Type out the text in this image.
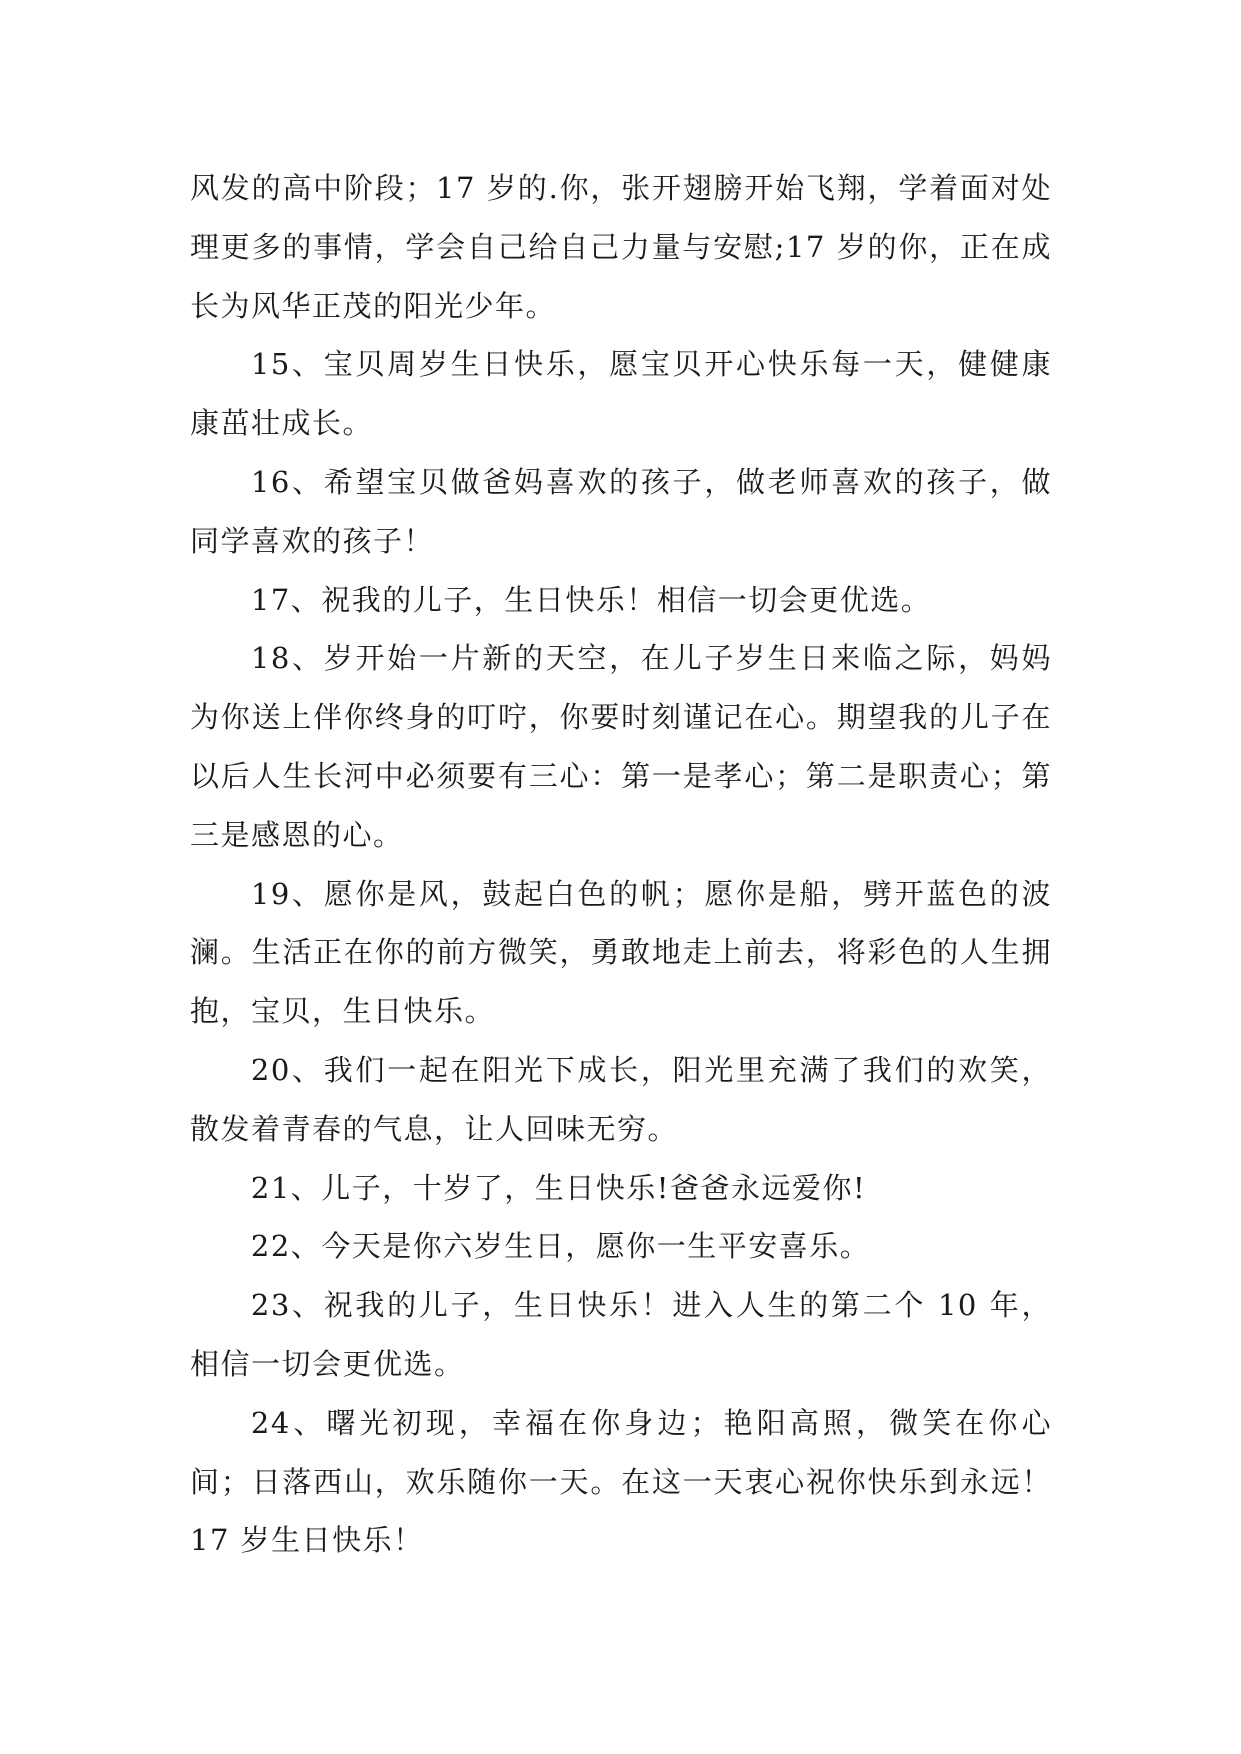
风发的高中阶段；17 岁的.你，张开翅膀开始飞翔，学着面对处理更多的事情，学会自己给自己力量与安慰;17 岁的你，正在成长为风华正茂的阳光少年。

15、宝贝周岁生日快乐，愿宝贝开心快乐每一天，健健康康茁壮成长。

16、希望宝贝做爸妈喜欢的孩子，做老师喜欢的孩子，做同学喜欢的孩子！

17、祝我的儿子，生日快乐！相信一切会更优选。

18、岁开始一片新的天空，在儿子岁生日来临之际，妈妈为你送上伴你终身的叮咛，你要时刻谨记在心。期望我的儿子在以后人生长河中必须要有三心：第一是孝心；第二是职责心；第三是感恩的心。

19、愿你是风，鼓起白色的帆；愿你是船，劈开蓝色的波澜。生活正在你的前方微笑，勇敢地走上前去，将彩色的人生拥抱，宝贝，生日快乐。

20、我们一起在阳光下成长，阳光里充满了我们的欢笑，散发着青春的气息，让人回味无穷。

21、儿子，十岁了，生日快乐!爸爸永远爱你!

22、今天是你六岁生日，愿你一生平安喜乐。

23、祝我的儿子，生日快乐！进入人生的第二个 10 年，相信一切会更优选。

24、曙光初现，幸福在你身边；艳阳高照，微笑在你心间；日落西山，欢乐随你一天。在这一天衷心祝你快乐到永远！17 岁生日快乐！
